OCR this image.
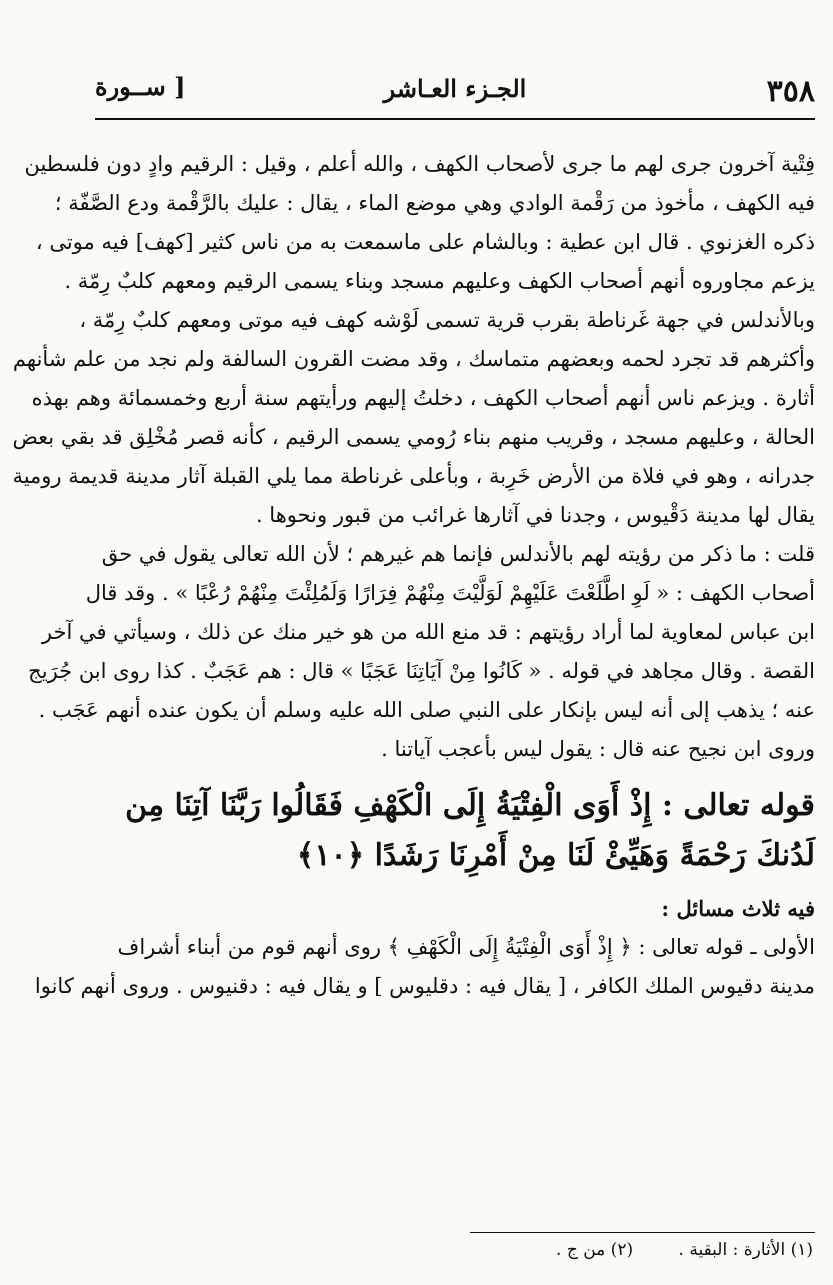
٣٥٨
الجـزء العـاشر
[ ســورة
فِتْية آخرون جرى لهم ما جرى لأصحاب الكهف ، والله أعلم ، وقيل : الرقيم وادٍ دون فلسطين
فيه الكهف ، مأخوذ من رَقْمة الوادي وهي موضع الماء ، يقال : عليك بالرَّقْمة ودع الصَّفّة ؛
ذكره الغزنوي . قال ابن عطية : وبالشام على ماسمعت به من ناس كثير [كهف] فيه موتى ،
يزعم مجاوروه أنهم أصحاب الكهف وعليهم مسجد وبناء يسمى الرقيم ومعهم كلبٌ رِمّة .
وبالأندلس في جهة غَرناطة بقرب قرية تسمى لَوْشه كهف فيه موتى ومعهم كلبٌ رِمّة ،
وأكثرهم قد تجرد لحمه وبعضهم متماسك ، وقد مضت القرون السالفة ولم نجد من علم شأنهم
أثارة . ويزعم ناس أنهم أصحاب الكهف ، دخلتُ إليهم ورأيتهم سنة أربع وخمسمائة وهم بهذه
الحالة ، وعليهم مسجد ، وقريب منهم بناء رُومي يسمى الرقيم ، كأنه قصر مُخْلِق قد بقي بعض
جدرانه ، وهو في فلاة من الأرض خَرِبة ، وبأعلى غرناطة مما يلي القبلة آثار مدينة قديمة رومية
يقال لها مدينة دَقْيوس ، وجدنا في آثارها غرائب من قبور ونحوها .
قلت : ما ذكر من رؤيته لهم بالأندلس فإنما هم غيرهم ؛ لأن الله تعالى يقول في حق
أصحاب الكهف : « لَوِ اطَّلَعْتَ عَلَيْهِمْ لَوَلَّيْتَ مِنْهُمْ فِرَارًا وَلَمُلِئْتَ مِنْهُمْ رُعْبًا » . وقد قال
ابن عباس لمعاوية لما أراد رؤيتهم : قد منع الله من هو خير منك عن ذلك ، وسيأتي في آخر
القصة . وقال مجاهد في قوله . « كَانُوا مِنْ آيَاتِنَا عَجَبًا » قال : هم عَجَبٌ . كذا روى ابن جُرَيج
عنه ؛ يذهب إلى أنه ليس بإنكار على النبي صلى الله عليه وسلم أن يكون عنده أنهم عَجَب .
وروى ابن نجيح عنه قال : يقول ليس بأعجب آياتنا .
قوله تعالى : إِذْ أَوَى الْفِتْيَةُ إِلَى الْكَهْفِ فَقَالُوا رَبَّنَا آتِنَا مِن
لَدُنكَ رَحْمَةً وَهَيِّئْ لَنَا مِنْ أَمْرِنَا رَشَدًا ﴿١٠﴾
فيه ثلاث مسائل :
الأولى ـ قوله تعالى : ﴿ إِذْ أَوَى الْفِتْيَةُ إِلَى الْكَهْفِ ﴾ روى أنهم قوم من أبناء أشراف
مدينة دقيوس الملك الكافر ، [ يقال فيه : دقليوس ] و يقال فيه : دقنيوس . وروى أنهم كانوا
(١) الأثارة : البقية . (٢) من ج .
